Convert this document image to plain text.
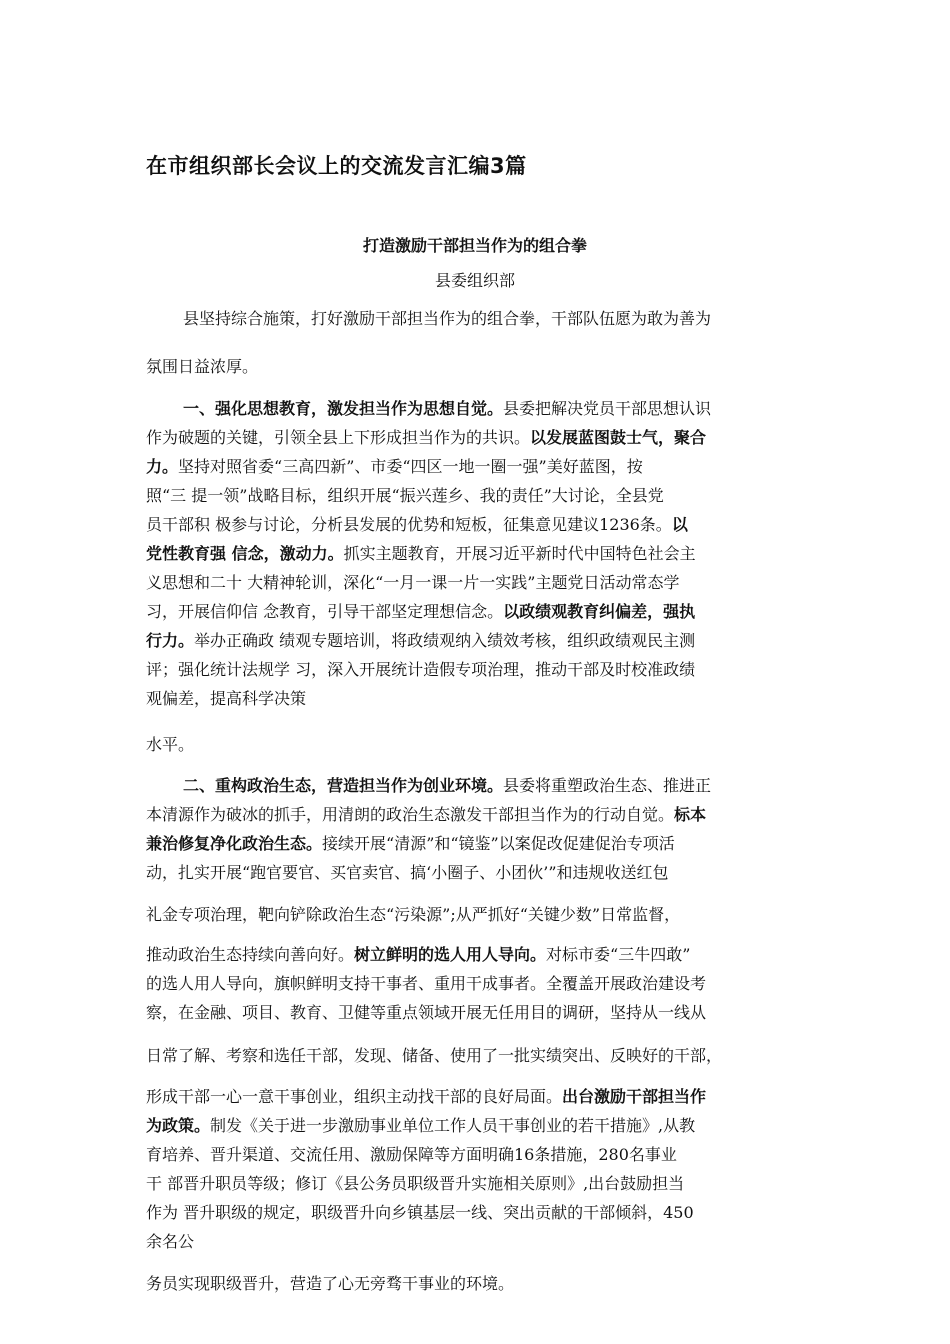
在市组织部长会议上的交流发言汇编3篇
打造激励干部担当作为的组合拳
县委组织部
县坚持综合施策，打好激励干部担当作为的组合拳，干部队伍愿为敢为善为
氛围日益浓厚。
一、强化思想教育，激发担当作为思想自觉。县委把解决党员干部思想认识
作为破题的关键，引领全县上下形成担当作为的共识。以发展蓝图鼓士气，聚合
力。坚持对照省委“三高四新”、市委“四区一地一圈一强”美好蓝图，按
照“三 提一领”战略目标，组织开展“振兴莲乡、我的责任”大讨论，全县党
员干部积 极参与讨论，分析县发展的优势和短板，征集意见建议1236条。以
党性教育强 信念，激动力。抓实主题教育，开展习近平新时代中国特色社会主
义思想和二十 大精神轮训，深化“一月一课一片一实践”主题党日活动常态学
习，开展信仰信 念教育，引导干部坚定理想信念。以政绩观教育纠偏差，强执
行力。举办正确政 绩观专题培训，将政绩观纳入绩效考核，组织政绩观民主测
评；强化统计法规学 习，深入开展统计造假专项治理，推动干部及时校准政绩
观偏差，提高科学决策
水平。
二、重构政治生态，营造担当作为创业环境。县委将重塑政治生态、推进正
本清源作为破冰的抓手，用清朗的政治生态激发干部担当作为的行动自觉。标本
兼治修复净化政治生态。接续开展“清源”和“镜鉴”以案促改促建促治专项活
动，扎实开展“跑官要官、买官卖官、搞‘小圈子、小团伙’”和违规收送红包
礼金专项治理，靶向铲除政治生态“污染源”;从严抓好“关键少数”日常监督，
推动政治生态持续向善向好。树立鲜明的选人用人导向。对标市委“三牛四敢”
的选人用人导向，旗帜鲜明支持干事者、重用干成事者。全覆盖开展政治建设考
察，在金融、项目、教育、卫健等重点领域开展无任用目的调研，坚持从一线从
日常了解、考察和选任干部，发现、储备、使用了一批实绩突出、反映好的干部，
形成干部一心一意干事创业，组织主动找干部的良好局面。出台激励干部担当作
为政策。制发《关于进一步激励事业单位工作人员干事创业的若干措施》,从教
育培养、晋升渠道、交流任用、激励保障等方面明确16条措施，280名事业
干 部晋升职员等级；修订《县公务员职级晋升实施相关原则》,出台鼓励担当
作为 晋升职级的规定，职级晋升向乡镇基层一线、突出贡献的干部倾斜，450
余名公
务员实现职级晋升，营造了心无旁骛干事业的环境。
